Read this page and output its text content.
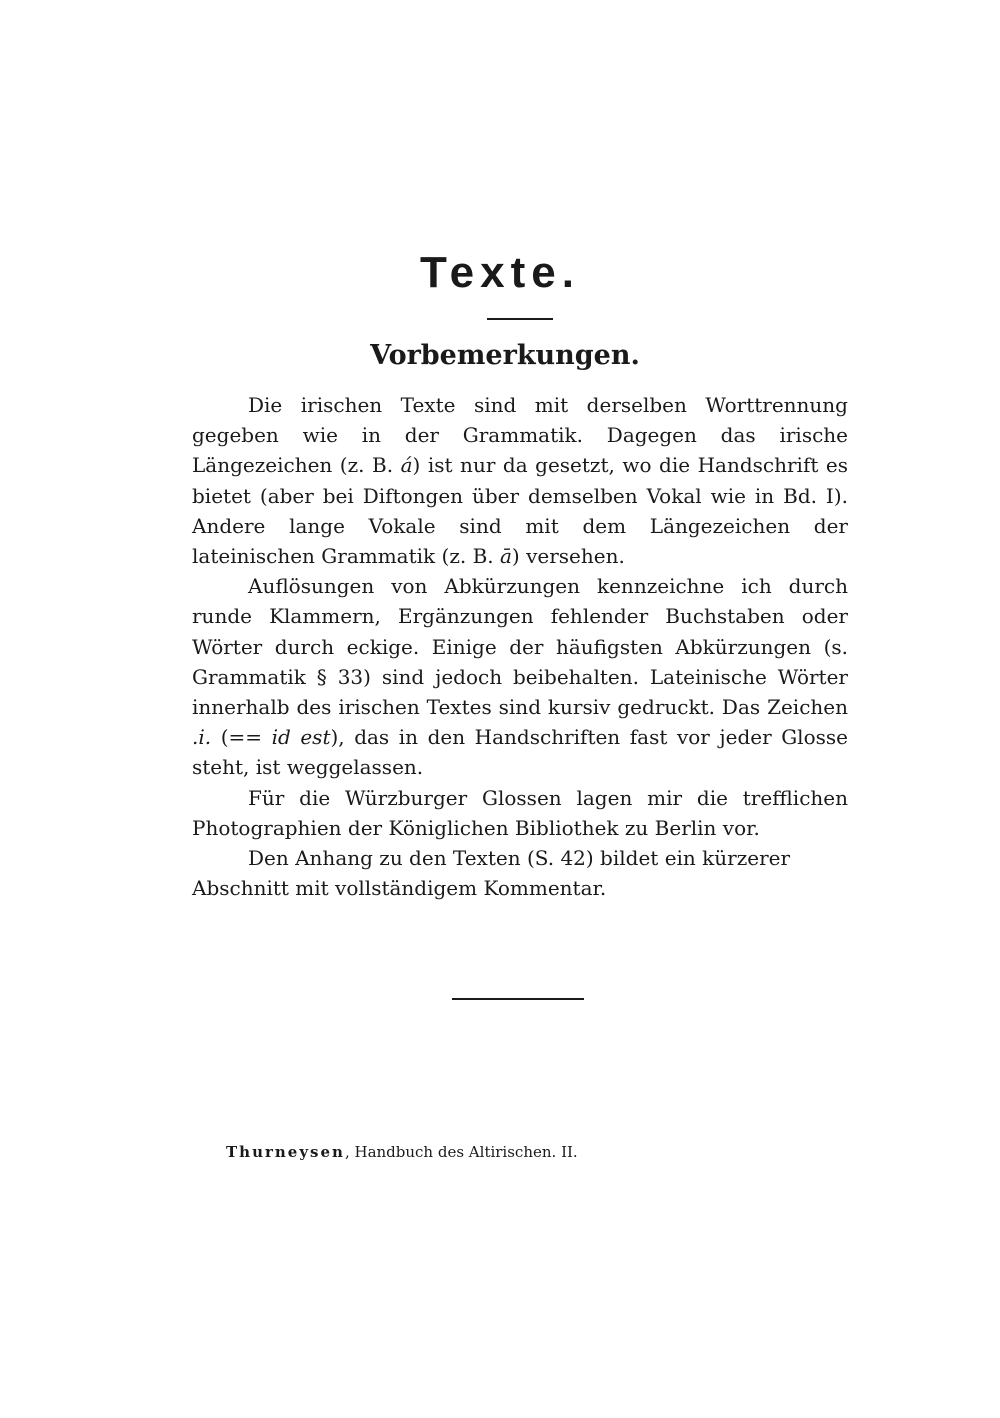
Texte.
Vorbemerkungen.

Die irischen Texte sind mit derselben Worttrennung gegeben wie in der Grammatik. Dagegen das irische Längezeichen (z. B. á) ist nur da gesetzt, wo die Handschrift es bietet (aber bei Diftongen über demselben Vokal wie in Bd. I). Andere lange Vokale sind mit dem Längezeichen der lateinischen Grammatik (z. B. ā) versehen.

Auflösungen von Abkürzungen kennzeichne ich durch runde Klammern, Ergänzungen fehlender Buchstaben oder Wörter durch eckige. Einige der häufigsten Abkürzungen (s. Grammatik § 33) sind jedoch beibehalten. Lateinische Wörter innerhalb des irischen Textes sind kursiv gedruckt. Das Zeichen .i. (== id est), das in den Handschriften fast vor jeder Glosse steht, ist weggelassen.

Für die Würzburger Glossen lagen mir die trefflichen Photographien der Königlichen Bibliothek zu Berlin vor.

Den Anhang zu den Texten (S. 42) bildet ein kürzerer Abschnitt mit vollständigem Kommentar.

Thurneysen, Handbuch des Altirischen. II.
